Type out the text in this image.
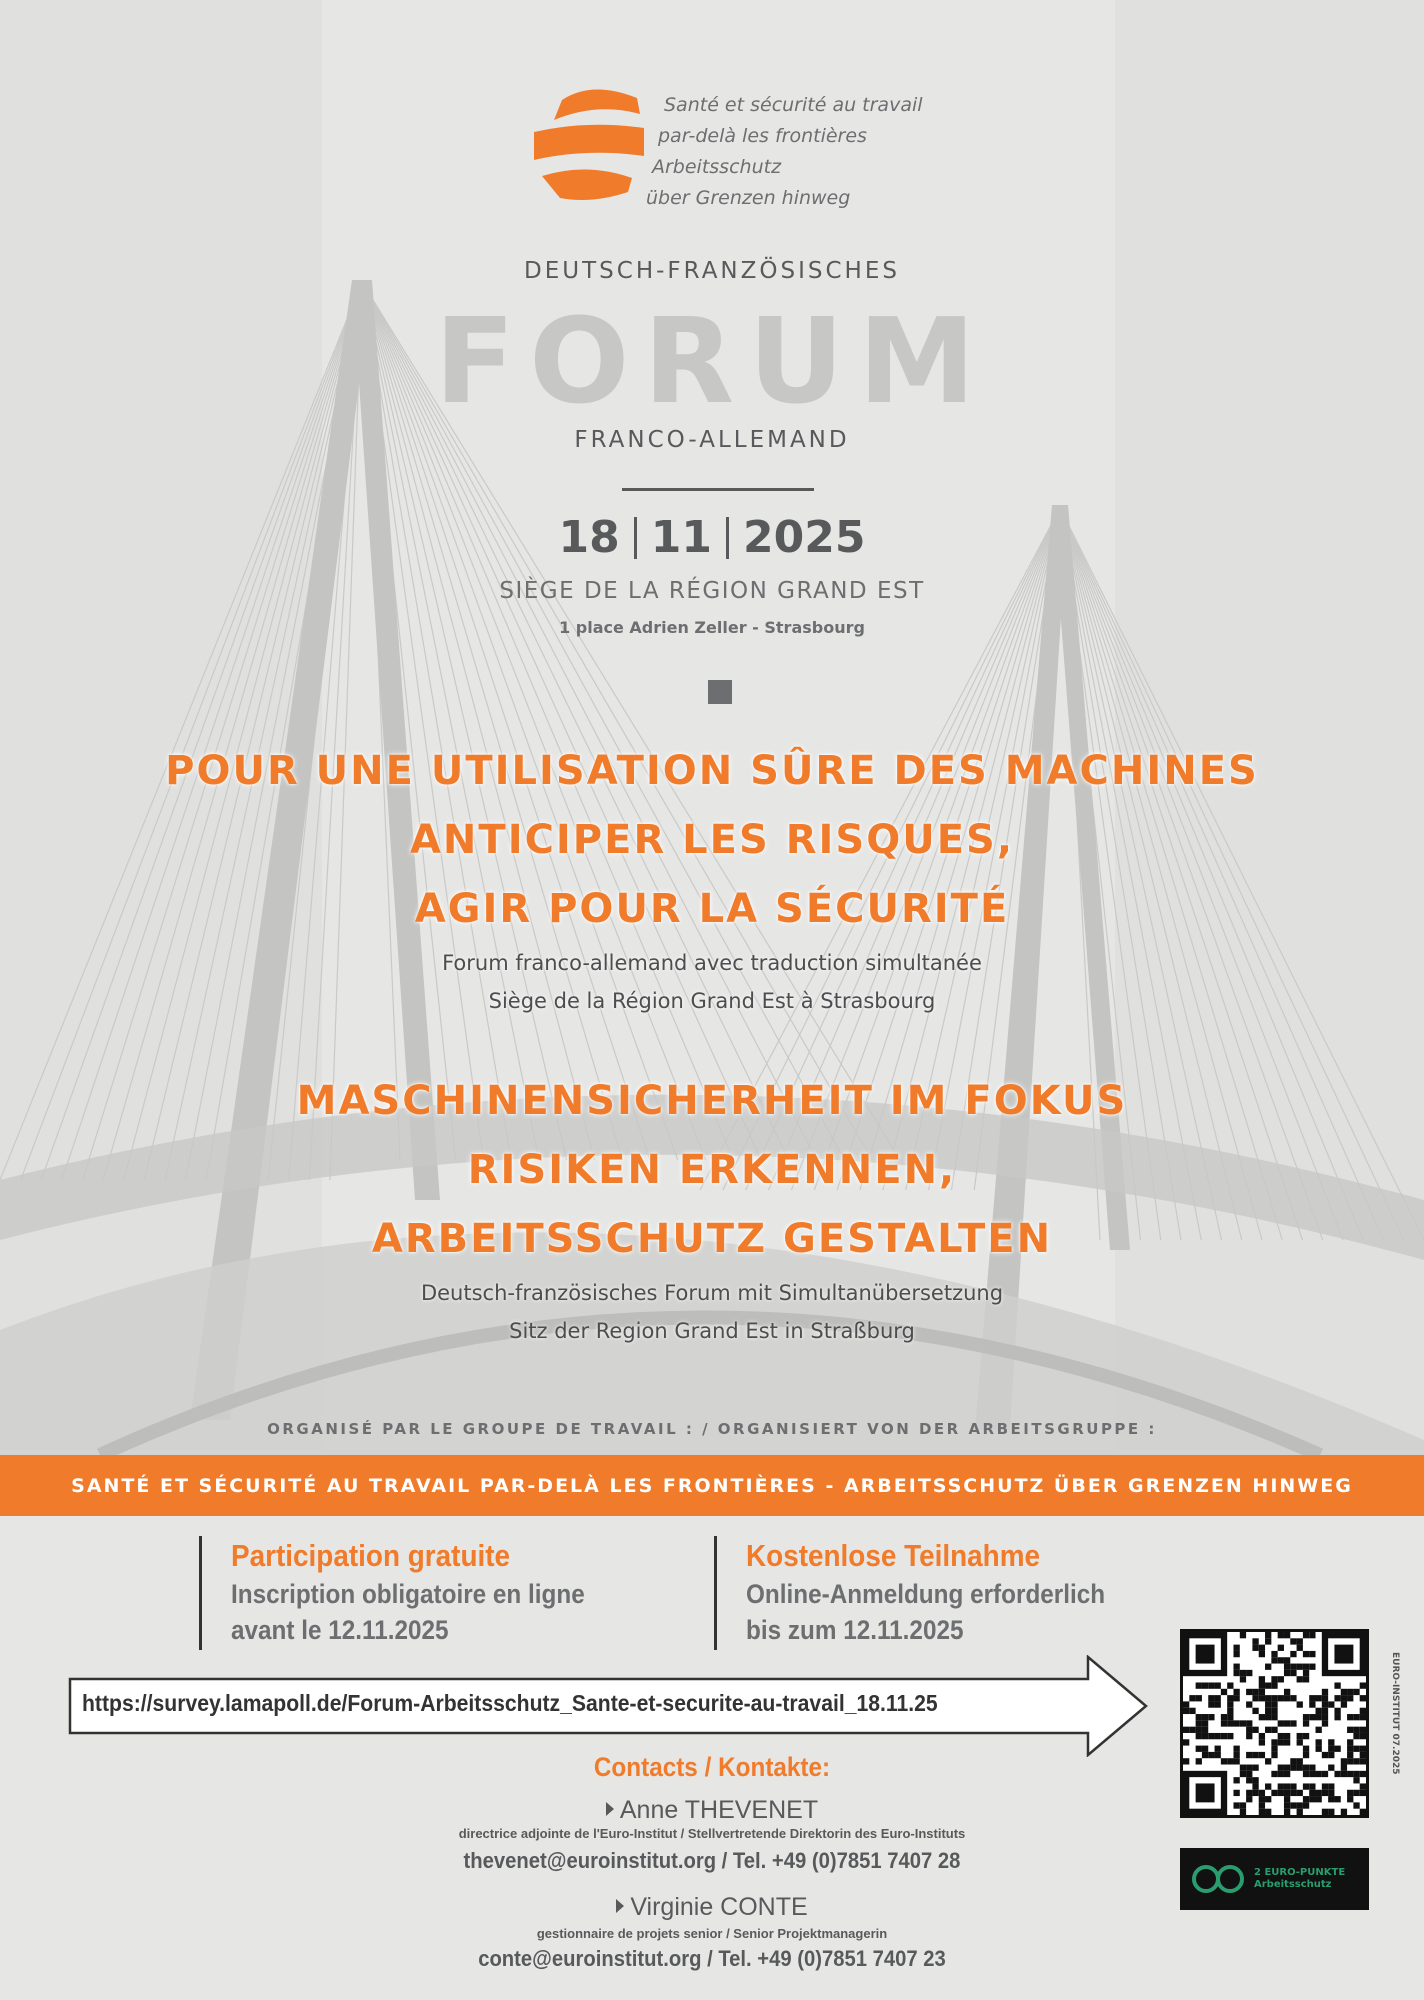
Santé et sécurité au travail
par-delà les frontières
Arbeitsschutz
über Grenzen hinweg
DEUTSCH-FRANZÖSISCHES
FORUM
FRANCO-ALLEMAND
18 11 2025
SIÈGE DE LA RÉGION GRAND EST
1 place Adrien Zeller - Strasbourg
POUR UNE UTILISATION SÛRE DES MACHINES
ANTICIPER LES RISQUES,
AGIR POUR LA SÉCURITÉ
Forum franco-allemand avec traduction simultanée
Siège de la Région Grand Est à Strasbourg
MASCHINENSICHERHEIT IM FOKUS
RISIKEN ERKENNEN,
ARBEITSSCHUTZ GESTALTEN
Deutsch-französisches Forum mit Simultanübersetzung
Sitz der Region Grand Est in Straßburg
ORGANISÉ PAR LE GROUPE DE TRAVAIL : / ORGANISIERT VON DER ARBEITSGRUPPE :
SANTÉ ET SÉCURITÉ AU TRAVAIL PAR-DELÀ LES FRONTIÈRES - ARBEITSSCHUTZ ÜBER GRENZEN HINWEG
Participation gratuite
Inscription obligatoire en ligne
avant le 12.11.2025
Kostenlose Teilnahme
Online-Anmeldung erforderlich
bis zum 12.11.2025
https://survey.lamapoll.de/Forum-Arbeitsschutz_Sante-et-securite-au-travail_18.11.25	EURO-INSTITUT 07.2025
2 EURO-PUNKTE
Arbeitsschutz
Contacts / Kontakte:
Anne THEVENET
directrice adjointe de l'Euro-Institut / Stellvertretende Direktorin des Euro-Instituts
thevenet@euroinstitut.org / Tel. +49 (0)7851 7407 28
Virginie CONTE
gestionnaire de projets senior / Senior Projektmanagerin
conte@euroinstitut.org / Tel. +49 (0)7851 7407 23
